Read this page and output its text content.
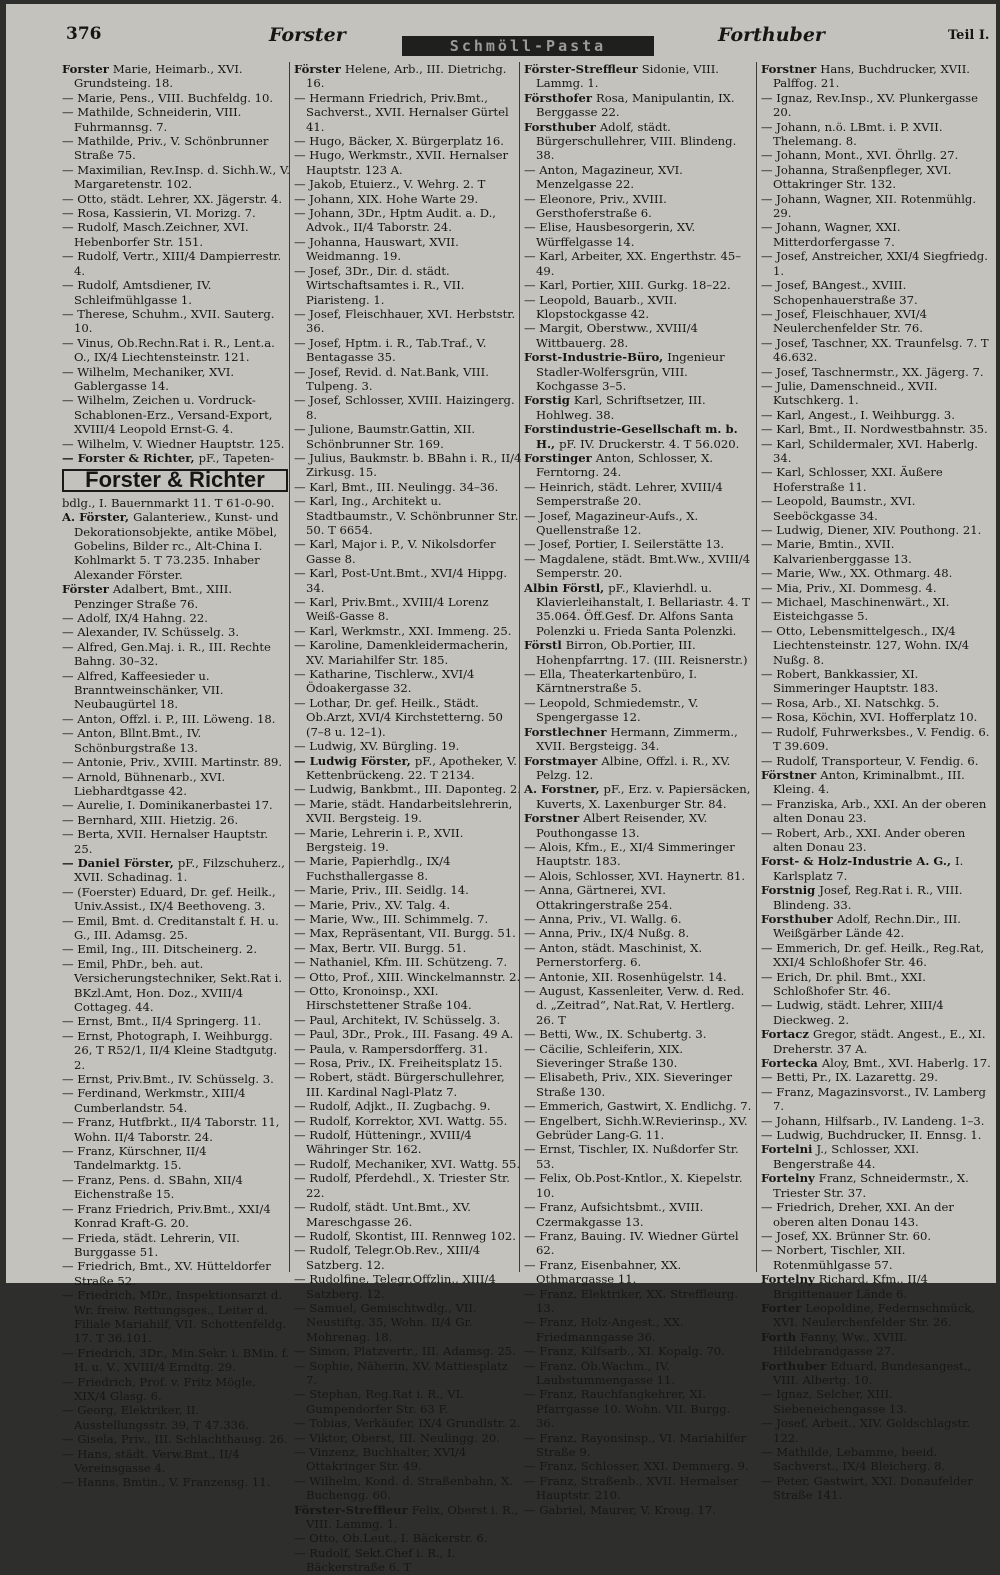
376	Forster	Schmöll-Pasta	Forthuber	Teil I.

Forster Marie, Heimarb., XVI. Grundsteing. 18.

— Marie, Pens., VIII. Buchfeldg. 10.

— Mathilde, Schneiderin, VIII. Fuhrmannsg. 7.

— Mathilde, Priv., V. Schönbrunner Straße 75.

— Maximilian, Rev.Insp. d. Sichh.W., V. Margaretenstr. 102.

— Otto, städt. Lehrer, XX. Jägerstr. 4.

— Rosa, Kassierin, VI. Morizg. 7.

— Rudolf, Masch.Zeichner, XVI. Hebenborfer Str. 151.

— Rudolf, Vertr., XIII/4 Dampierrestr. 4.

— Rudolf, Amtsdiener, IV. Schleifmühlgasse 1.

— Therese, Schuhm., XVII. Sauterg. 10.

— Vinus, Ob.Rechn.Rat i. R., Lent.a. O., IX/4 Liechtensteinstr. 121.

— Wilhelm, Mechaniker, XVI. Gablergasse 14.

— Wilhelm, Zeichen u. Vordruck-Schablonen-Erz., Versand-Export, XVIII/4 Leopold Ernst-G. 4.

— Wilhelm, V. Wiedner Hauptstr. 125.

— Forster & Richter, pF., Tapeten-

Forster & Richter

bdlg., I. Bauernmarkt 11. T 61-0-90.

A. Förster, Galanteriew., Kunst- und Dekorationsobjekte, antike Möbel, Gobelins, Bilder rc., Alt-China I. Kohlmarkt 5. T 73.235. Inhaber Alexander Förster.

Förster Adalbert, Bmt., XIII. Penzinger Straße 76.

— Adolf, IX/4 Hahng. 22.

— Alexander, IV. Schüsselg. 3.

— Alfred, Gen.Maj. i. R., III. Rechte Bahng. 30–32.

— Alfred, Kaffeesieder u. Branntweinschänker, VII. Neubaugürtel 18.

— Anton, Offzl. i. P., III. Löweng. 18.

— Anton, Bllnt.Bmt., IV. Schönburgstraße 13.

— Antonie, Priv., XVIII. Martinstr. 89.

— Arnold, Bühnenarb., XVI. Liebhardtgasse 42.

— Aurelie, I. Dominikanerbastei 17.

— Bernhard, XIII. Hietzig. 26.

— Berta, XVII. Hernalser Hauptstr. 25.

— Daniel Förster, pF., Filzschuherz., XVII. Schadinag. 1.

— (Foerster) Eduard, Dr. gef. Heilk., Univ.Assist., IX/4 Beethoveng. 3.

— Emil, Bmt. d. Creditanstalt f. H. u. G., III. Adamsg. 25.

— Emil, Ing., III. Ditscheinerg. 2.

— Emil, PhDr., beh. aut. Versicherungstechniker, Sekt.Rat i. BKzl.Amt, Hon. Doz., XVIII/4 Cottageg. 44.

— Ernst, Bmt., II/4 Springerg. 11.

— Ernst, Photograph, I. Weihburgg. 26, T R52/1, II/4 Kleine Stadtgutg. 2.

— Ernst, Priv.Bmt., IV. Schüsselg. 3.

— Ferdinand, Werkmstr., XIII/4 Cumberlandstr. 54.

— Franz, Hutfbrkt., II/4 Taborstr. 11, Wohn. II/4 Taborstr. 24.

— Franz, Kürschner, II/4 Tandelmarktg. 15.

— Franz, Pens. d. SBahn, XII/4 Eichenstraße 15.

— Franz Friedrich, Priv.Bmt., XXI/4 Konrad Kraft-G. 20.

— Frieda, städt. Lehrerin, VII. Burggasse 51.

— Friedrich, Bmt., XV. Hütteldorfer Straße 52.

— Friedrich, MDr., Inspektionsarzt d. Wr. freiw. Rettungsges., Leiter d. Filiale Mariahilf, VII. Schottenfeldg. 17. T 36.101.

— Friedrich, 3Dr., Min.Sekr. i. BMin. f. H. u. V., XVIII/4 Erndtg. 29.

— Friedrich, Prof. v. Fritz Mögle, XIX/4 Glasg. 6.

— Georg, Elektriker, II. Ausstellungsstr. 39, T 47.336.

— Gisela, Priv., III. Schlachthausg. 26.

— Hans, städt. Verw.Bmt., II/4 Vereinsgasse 4.

— Hanns, Bmtin., V. Franzensg. 11.

Förster Helene, Arb., III. Dietrichg. 16.

— Hermann Friedrich, Priv.Bmt., Sachverst., XVII. Hernalser Gürtel 41.

— Hugo, Bäcker, X. Bürgerplatz 16.

— Hugo, Werkmstr., XVII. Hernalser Hauptstr. 123 A.

— Jakob, Etuierz., V. Wehrg. 2. T

— Johann, XIX. Hohe Warte 29.

— Johann, 3Dr., Hptm Audit. a. D., Advok., II/4 Taborstr. 24.

— Johanna, Hauswart, XVII. Weidmanng. 19.

— Josef, 3Dr., Dir. d. städt. Wirtschaftsamtes i. R., VII. Piaristeng. 1.

— Josef, Fleischhauer, XVI. Herbststr. 36.

— Josef, Hptm. i. R., Tab.Traf., V. Bentagasse 35.

— Josef, Revid. d. Nat.Bank, VIII. Tulpeng. 3.

— Josef, Schlosser, XVIII. Haizingerg. 8.

— Julione, Baumstr.Gattin, XII. Schönbrunner Str. 169.

— Julius, Baukmstr. b. BBahn i. R., II/4 Zirkusg. 15.

— Karl, Bmt., III. Neulingg. 34–36.

— Karl, Ing., Architekt u. Stadtbaumstr., V. Schönbrunner Str. 50. T 6654.

— Karl, Major i. P., V. Nikolsdorfer Gasse 8.

— Karl, Post-Unt.Bmt., XVI/4 Hippg. 34.

— Karl, Priv.Bmt., XVIII/4 Lorenz Weiß-Gasse 8.

— Karl, Werkmstr., XXI. Immeng. 25.

— Karoline, Damenkleidermacherin, XV. Mariahilfer Str. 185.

— Katharine, Tischlerw., XVI/4 Ödoakergasse 32.

— Lothar, Dr. gef. Heilk., Städt. Ob.Arzt, XVI/4 Kirchstetterng. 50 (7–8 u. 12–1).

— Ludwig, XV. Bürgling. 19.

— Ludwig Förster, pF., Apotheker, V. Kettenbrückeng. 22. T 2134.

— Ludwig, Bankbmt., III. Daponteg. 2.

— Marie, städt. Handarbeitslehrerin, XVII. Bergsteig. 19.

— Marie, Lehrerin i. P., XVII. Bergsteig. 19.

— Marie, Papierhdlg., IX/4 Fuchsthallergasse 8.

— Marie, Priv., III. Seidlg. 14.

— Marie, Priv., XV. Talg. 4.

— Marie, Ww., III. Schimmelg. 7.

— Max, Repräsentant, VII. Burgg. 51.

— Max, Bertr. VII. Burgg. 51.

— Nathaniel, Kfm. III. Schützeng. 7.

— Otto, Prof., XIII. Winckelmannstr. 2.

— Otto, Kronoinsp., XXI. Hirschstettener Straße 104.

— Paul, Architekt, IV. Schüsselg. 3.

— Paul, 3Dr., Prok., III. Fasang. 49 A.

— Paula, v. Rampersdorfferg. 31.

— Rosa, Priv., IX. Freiheitsplatz 15.

— Robert, städt. Bürgerschullehrer, III. Kardinal Nagl-Platz 7.

— Rudolf, Adjkt., II. Zugbachg. 9.

— Rudolf, Korrektor, XVI. Wattg. 55.

— Rudolf, Hütteningr., XVIII/4 Währinger Str. 162.

— Rudolf, Mechaniker, XVI. Wattg. 55.

— Rudolf, Pferdehdl., X. Triester Str. 22.

— Rudolf, städt. Unt.Bmt., XV. Mareschgasse 26.

— Rudolf, Skontist, III. Rennweg 102.

— Rudolf, Telegr.Ob.Rev., XIII/4 Satzberg. 12.

— Rudolfine, Telegr.Offzlin., XIII/4 Satzberg. 12.

— Samuel, Gemischtwdlg., VII. Neustiftg. 35, Wohn. II/4 Gr. Mohrenag. 18.

— Simon, Platzvertr., III. Adamsg. 25.

— Sophie, Näherin, XV. Mattiesplatz 7.

— Stephan, Reg.Rat i. R., VI. Gumpendorfer Str. 63 F.

— Tobias, Verkäufer, IX/4 Grundlstr. 2.

— Viktor, Oberst, III. Neulingg. 20.

— Vinzenz, Buchhalter, XVI/4 Ottakringer Str. 49.

— Wilhelm, Kond. d. Straßenbahn, X. Buchengg. 60.

Förster-Streffleur Felix, Oberst i. R., VIII. Lammg. 1.

— Otto, Ob.Leut., I. Bäckerstr. 6.

— Rudolf, Sekt.Chef i. R., I. Bäckerstraße 6. T

Förster-Streffleur Sidonie, VIII. Lammg. 1.

Försthofer Rosa, Manipulantin, IX. Berggasse 22.

Forsthuber Adolf, städt. Bürgerschullehrer, VIII. Blindeng. 38.

— Anton, Magazineur, XVI. Menzelgasse 22.

— Eleonore, Priv., XVIII. Gersthoferstraße 6.

— Elise, Hausbesorgerin, XV. Würffelgasse 14.

— Karl, Arbeiter, XX. Engerthstr. 45–49.

— Karl, Portier, XIII. Gurkg. 18–22.

— Leopold, Bauarb., XVII. Klopstockgasse 42.

— Margit, Oberstww., XVIII/4 Wittbauerg. 28.

Forst-Industrie-Büro, Ingenieur Stadler-Wolfersgrün, VIII. Kochgasse 3–5.

Forstig Karl, Schriftsetzer, III. Hohlweg. 38.

Forstindustrie-Gesellschaft m. b. H., pF. IV. Druckerstr. 4. T 56.020.

Forstinger Anton, Schlosser, X. Ferntorng. 24.

— Heinrich, städt. Lehrer, XVIII/4 Semperstraße 20.

— Josef, Magazineur-Aufs., X. Quellenstraße 12.

— Josef, Portier, I. Seilerstätte 13.

— Magdalene, städt. Bmt.Ww., XVIII/4 Semperstr. 20.

Albin Förstl, pF., Klavierhdl. u. Klavierleihanstalt, I. Bellariastr. 4. T 35.064. Öff.Gesf. Dr. Alfons Santa Polenzki u. Frieda Santa Polenzki.

Förstl Birron, Ob.Portier, III. Hohenpfarrtng. 17. (III. Reisnerstr.)

— Ella, Theaterkartenbüro, I. Kärntnerstraße 5.

— Leopold, Schmiedemstr., V. Spengergasse 12.

Forstlechner Hermann, Zimmerm., XVII. Bergsteigg. 34.

Forstmayer Albine, Offzl. i. R., XV. Pelzg. 12.

A. Forstner, pF., Erz. v. Papiersäcken, Kuverts, X. Laxenburger Str. 84.

Forstner Albert Reisender, XV. Pouthongasse 13.

— Alois, Kfm., E., XI/4 Simmeringer Hauptstr. 183.

— Alois, Schlosser, XVI. Haynertr. 81.

— Anna, Gärtnerei, XVI. Ottakringerstraße 254.

— Anna, Priv., VI. Wallg. 6.

— Anna, Priv., IX/4 Nußg. 8.

— Anton, städt. Maschinist, X. Pernerstorferg. 6.

— Antonie, XII. Rosenhügelstr. 14.

— August, Kassenleiter, Verw. d. Red. d. „Zeitrad“, Nat.Rat, V. Hertlerg. 26. T

— Betti, Ww., IX. Schubertg. 3.

— Cäcilie, Schleiferin, XIX. Sieveringer Straße 130.

— Elisabeth, Priv., XIX. Sieveringer Straße 130.

— Emmerich, Gastwirt, X. Endlichg. 7.

— Engelbert, Sichh.W.Revierinsp., XV. Gebrüder Lang-G. 11.

— Ernst, Tischler, IX. Nußdorfer Str. 53.

— Felix, Ob.Post-Kntlor., X. Kiepelstr. 10.

— Franz, Aufsichtsbmt., XVIII. Czermakgasse 13.

— Franz, Bauing. IV. Wiedner Gürtel 62.

— Franz, Eisenbahner, XX. Othmargasse 11.

— Franz, Elektriker, XX. Streffleurg. 13.

— Franz, Holz-Angest., XX. Friedmanngasse 36.

— Franz, Kilfsarb., XI. Kopalg. 70.

— Franz, Ob.Wachm., IV. Laubstummengasse 11.

— Franz, Rauchfangkehrer, XI. Pfarrgasse 10. Wohn. VII. Burgg. 36.

— Franz, Rayonsinsp., VI. Mariahilfer Straße 9.

— Franz, Schlosser, XXI. Demmerg. 9.

— Franz, Straßenb., XVII. Hernalser Hauptstr. 210.

— Gabriel, Maurer, V. Kroug. 17.

Forstner Hans, Buchdrucker, XVII. Palffog. 21.

— Ignaz, Rev.Insp., XV. Plunkergasse 20.

— Johann, n.ö. LBmt. i. P. XVII. Thelemang. 8.

— Johann, Mont., XVI. Öhrllg. 27.

— Johanna, Straßenpfleger, XVI. Ottakringer Str. 132.

— Johann, Wagner, XII. Rotenmühlg. 29.

— Johann, Wagner, XXI. Mitterdorfergasse 7.

— Josef, Anstreicher, XXI/4 Siegfriedg. 1.

— Josef, BAngest., XVIII. Schopenhauerstraße 37.

— Josef, Fleischhauer, XVI/4 Neulerchenfelder Str. 76.

— Josef, Taschner, XX. Traunfelsg. 7. T 46.632.

— Josef, Taschnermstr., XX. Jägerg. 7.

— Julie, Damenschneid., XVII. Kutschkerg. 1.

— Karl, Angest., I. Weihburgg. 3.

— Karl, Bmt., II. Nordwestbahnstr. 35.

— Karl, Schildermaler, XVI. Haberlg. 34.

— Karl, Schlosser, XXI. Äußere Hoferstraße 11.

— Leopold, Baumstr., XVI. Seeböckgasse 34.

— Ludwig, Diener, XIV. Pouthong. 21.

— Marie, Bmtin., XVII. Kalvarienberggasse 13.

— Marie, Ww., XX. Othmarg. 48.

— Mia, Priv., XI. Dommesg. 4.

— Michael, Maschinenwärt., XI. Eisteichgasse 5.

— Otto, Lebensmittelgesch., IX/4 Liechtensteinstr. 127, Wohn. IX/4 Nußg. 8.

— Robert, Bankkassier, XI. Simmeringer Hauptstr. 183.

— Rosa, Arb., XI. Natschkg. 5.

— Rosa, Köchin, XVI. Hofferplatz 10.

— Rudolf, Fuhrwerksbes., V. Fendig. 6. T 39.609.

— Rudolf, Transporteur, V. Fendig. 6.

Förstner Anton, Kriminalbmt., III. Kleing. 4.

— Franziska, Arb., XXI. An der oberen alten Donau 23.

— Robert, Arb., XXI. Ander oberen alten Donau 23.

Forst- & Holz-Industrie A. G., I. Karlsplatz 7.

Forstnig Josef, Reg.Rat i. R., VIII. Blindeng. 33.

Forsthuber Adolf, Rechn.Dir., III. Weißgärber Lände 42.

— Emmerich, Dr. gef. Heilk., Reg.Rat, XXI/4 Schloßhofer Str. 46.

— Erich, Dr. phil. Bmt., XXI. Schloßhofer Str. 46.

— Ludwig, städt. Lehrer, XIII/4 Dieckweg. 2.

Fortacz Gregor, städt. Angest., E., XI. Dreherstr. 37 A.

Fortecka Aloy, Bmt., XVI. Haberlg. 17.

— Betti, Pr., IX. Lazarettg. 29.

— Franz, Magazinsvorst., IV. Lamberg 7.

— Johann, Hilfsarb., IV. Landeng. 1–3.

— Ludwig, Buchdrucker, II. Ennsg. 1.

Fortelni J., Schlosser, XXI. Bengerstraße 44.

Fortelny Franz, Schneidermstr., X. Triester Str. 37.

— Friedrich, Dreher, XXI. An der oberen alten Donau 143.

— Josef, XX. Brünner Str. 60.

— Norbert, Tischler, XII. Rotenmühlgasse 57.

Fortelny Richard, Kfm., II/4 Brigittenauer Lände 6.

Forter Leopoldine, Federnschmück, XVI. Neulerchenfelder Str. 26.

Forth Fanny, Ww., XVIII. Hildebrandgasse 27.

Forthuber Eduard, Bundesangest., VIII. Albertg. 10.

— Ignaz, Selcher, XIII. Siebeneichengasse 13.

— Josef, Arbeit., XIV. Goldschlagstr. 122.

— Mathilde, Lebamme, beeid. Sachverst., IX/4 Bleicherg. 8.

— Peter, Gastwirt, XXI. Donaufelder Straße 141.
